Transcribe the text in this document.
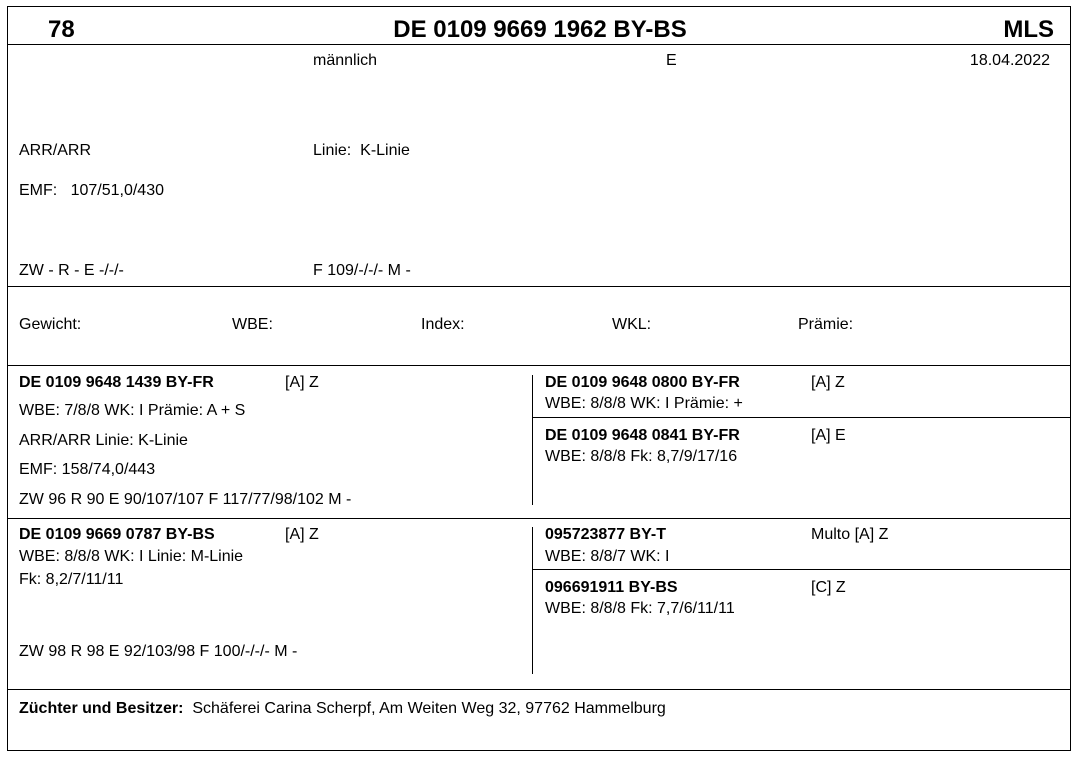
78	DE 0109 9669 1962 BY-BS	MLS
männlich	E	18.04.2022
ARR/ARR	Linie: K-Linie
EMF: 107/51,0/430
ZW - R - E -/-/-	F 109/-/-/- M -
Gewicht:	WBE:	Index:	WKL:	Prämie:
DE 0109 9648 1439 BY-FR	[A] Z
WBE: 7/8/8 WK: I Prämie: A + S
ARR/ARR Linie: K-Linie
EMF: 158/74,0/443
ZW 96 R 90 E 90/107/107 F 117/77/98/102 M -
DE 0109 9648 0800 BY-FR	[A] Z
WBE: 8/8/8 WK: I Prämie: +
DE 0109 9648 0841 BY-FR	[A] E
WBE: 8/8/8 Fk: 8,7/9/17/16
DE 0109 9669 0787 BY-BS	[A] Z
WBE: 8/8/8 WK: I Linie: M-Linie
Fk: 8,2/7/11/11
ZW 98 R 98 E 92/103/98 F 100/-/-/- M -
095723877 BY-T	Multo [A] Z
WBE: 8/8/7 WK: I
096691911 BY-BS	[C] Z
WBE: 8/8/8 Fk: 7,7/6/11/11
Züchter und Besitzer: Schäferei Carina Scherpf, Am Weiten Weg 32, 97762 Hammelburg
